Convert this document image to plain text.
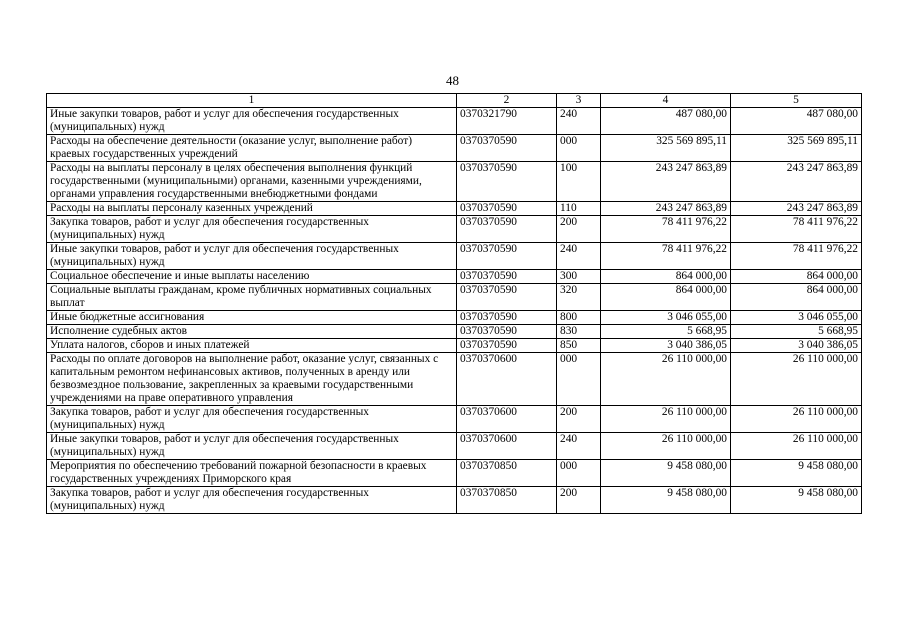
48
1	2	3	4	5
Иные закупки товаров, работ и услуг для обеспечения государственных (муниципальных) нужд	0370321790	240	487 080,00	487 080,00
Расходы на обеспечение деятельности (оказание услуг, выполнение работ) краевых государственных учреждений	0370370590	000	325 569 895,11	325 569 895,11
Расходы на выплаты персоналу в целях обеспечения выполнения функций государственными (муниципальными) органами, казенными учреждениями, органами управления государственными внебюджетными фондами	0370370590	100	243 247 863,89	243 247 863,89
Расходы на выплаты персоналу казенных учреждений	0370370590	110	243 247 863,89	243 247 863,89
Закупка товаров, работ и услуг для обеспечения государственных (муниципальных) нужд	0370370590	200	78 411 976,22	78 411 976,22
Иные закупки товаров, работ и услуг для обеспечения государственных (муниципальных) нужд	0370370590	240	78 411 976,22	78 411 976,22
Социальное обеспечение и иные выплаты населению	0370370590	300	864 000,00	864 000,00
Социальные выплаты гражданам, кроме публичных нормативных социальных выплат	0370370590	320	864 000,00	864 000,00
Иные бюджетные ассигнования	0370370590	800	3 046 055,00	3 046 055,00
Исполнение судебных актов	0370370590	830	5 668,95	5 668,95
Уплата налогов, сборов и иных платежей	0370370590	850	3 040 386,05	3 040 386,05
Расходы по оплате договоров на выполнение работ, оказание услуг, связанных с капитальным ремонтом нефинансовых активов, полученных в аренду или безвозмездное пользование, закрепленных за краевыми государственными учреждениями на праве оперативного управления	0370370600	000	26 110 000,00	26 110 000,00
Закупка товаров, работ и услуг для обеспечения государственных (муниципальных) нужд	0370370600	200	26 110 000,00	26 110 000,00
Иные закупки товаров, работ и услуг для обеспечения государственных (муниципальных) нужд	0370370600	240	26 110 000,00	26 110 000,00
Мероприятия по обеспечению требований пожарной безопасности в краевых государственных учреждениях Приморского края	0370370850	000	9 458 080,00	9 458 080,00
Закупка товаров, работ и услуг для обеспечения государственных (муниципальных) нужд	0370370850	200	9 458 080,00	9 458 080,00
